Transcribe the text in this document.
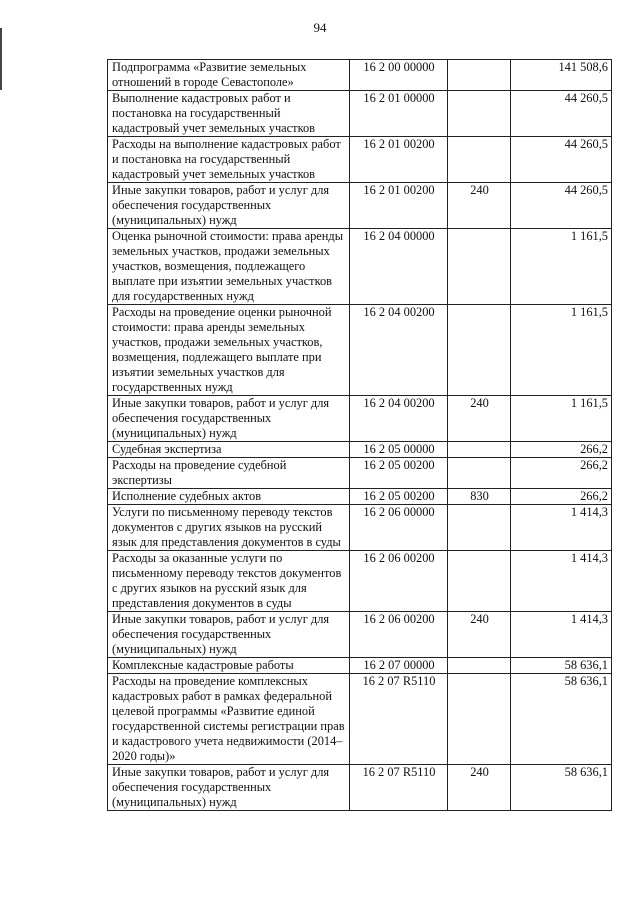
94
Подпрограмма «Развитие земельных отношений в городе Севастополе»	16 2 00 00000		141 508,6
Выполнение кадастровых работ и постановка на государственный кадастровый учет земельных участков	16 2 01 00000		44 260,5
Расходы на выполнение кадастровых работ и постановка на государственный кадастровый учет земельных участков	16 2 01 00200		44 260,5
Иные закупки товаров, работ и услуг для обеспечения государственных (муниципальных) нужд	16 2 01 00200	240	44 260,5
Оценка рыночной стоимости: права аренды земельных участков, продажи земельных участков, возмещения, подлежащего выплате при изъятии земельных участков для государственных нужд	16 2 04 00000		1 161,5
Расходы на проведение оценки рыночной стоимости: права аренды земельных участков, продажи земельных участков, возмещения, подлежащего выплате при изъятии земельных участков для государственных нужд	16 2 04 00200		1 161,5
Иные закупки товаров, работ и услуг для обеспечения государственных (муниципальных) нужд	16 2 04 00200	240	1 161,5
Судебная экспертиза	16 2 05 00000		266,2
Расходы на проведение судебной экспертизы	16 2 05 00200		266,2
Исполнение судебных актов	16 2 05 00200	830	266,2
Услуги по письменному переводу текстов документов с других языков на русский язык для представления документов в суды	16 2 06 00000		1 414,3
Расходы за оказанные услуги по письменному переводу текстов документов с других языков на русский язык для представления документов в суды	16 2 06 00200		1 414,3
Иные закупки товаров, работ и услуг для обеспечения государственных (муниципальных) нужд	16 2 06 00200	240	1 414,3
Комплексные кадастровые работы	16 2 07 00000		58 636,1
Расходы на проведение комплексных кадастровых работ в рамках федеральной целевой программы «Развитие единой государственной системы регистрации прав и кадастрового учета недвижимости (2014–2020 годы)»	16 2 07 R5110		58 636,1
Иные закупки товаров, работ и услуг для обеспечения государственных (муниципальных) нужд	16 2 07 R5110	240	58 636,1
